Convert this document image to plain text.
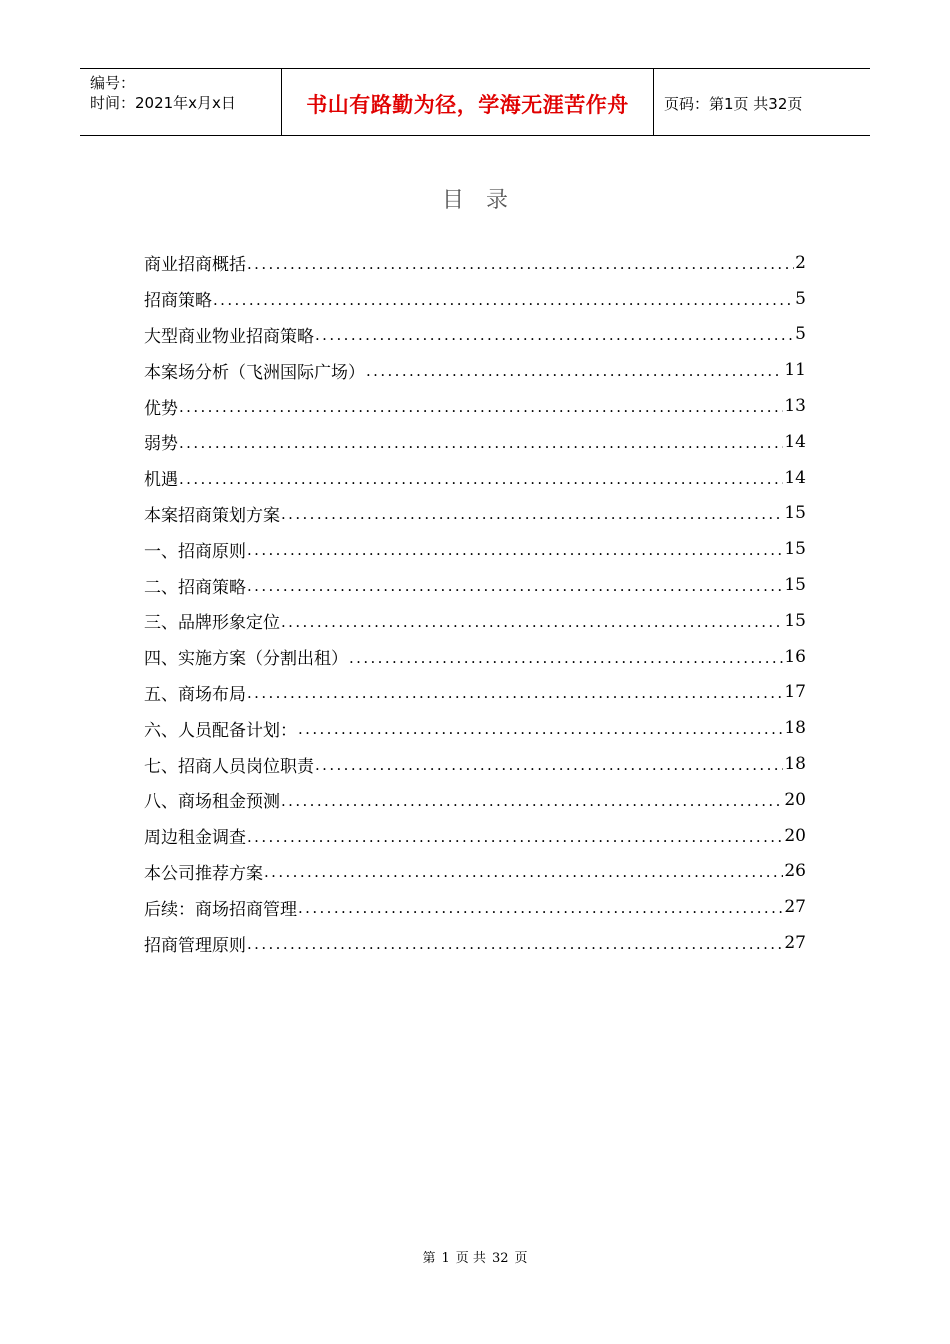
编号：
时间：2021年x月x日	书山有路勤为径，学海无涯苦作舟 页码：第1页 共32页
目录
商业招商概括 .....	2
招商策略 .....	5
大型商业物业招商策略 .....	5
本案场分析（飞洲国际广场） .....	11
优势 .....	13
弱势 .....	14
机遇 .....	14
本案招商策划方案 .....	15
一、招商原则 .....	15
二、招商策略 .....	15
三、品牌形象定位 .....	15
四、实施方案（分割出租） .....	16
五、商场布局 .....	17
六、人员配备计划： .....	18
七、招商人员岗位职责 .....	18
八、商场租金预测 .....	20
周边租金调查 .....	20
本公司推荐方案 .....	26
后续：商场招商管理 .....	27
招商管理原则 .....	27
第 1 页 共 32 页
